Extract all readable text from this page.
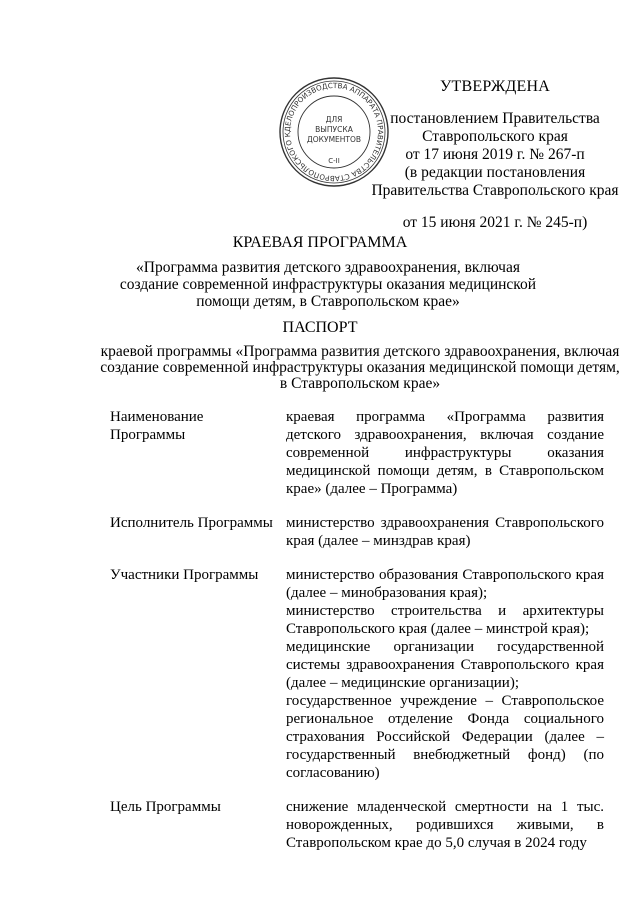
ДЕЛОПРОИЗВОДСТВА АППАРАТА ПРАВИТЕЛЬСТВА СТАВРОПОЛЬСКОГО КРАЯ УПРАВЛЕНИЕ
ДЛЯ
ВЫПУСКА
ДОКУМЕНТОВ
С-II
УТВЕРЖДЕНА
постановлением Правительства
Ставропольского края
от 17 июня 2019 г. № 267-п
(в редакции постановления
Правительства Ставропольского края
от 15 июня 2021 г. № 245-п)
КРАЕВАЯ ПРОГРАММА
«Программа развития детского здравоохранения, включая создание современной инфраструктуры оказания медицинской помощи детям, в Ставропольском крае»
ПАСПОРТ
краевой программы «Программа развития детского здравоохранения, включая создание современной инфраструктуры оказания медицинской помощи детям, в Ставропольском крае»
Наименование Программы

краевая программа «Программа развития детского здравоохранения, включая создание современной инфраструктуры оказания медицинской помощи детям, в Ставропольском крае» (далее – Программа)

Исполнитель Программы министерство здравоохранения Ставропольского края (далее – минздрав края)

Участники Программы	министерство образования Ставропольского края (далее – минобразования края);

министерство строительства и архитектуры Ставропольского края (далее – минстрой края);

медицинские организации государственной системы здравоохранения Ставропольского края (далее – медицинские организации);

государственное учреждение – Ставропольское региональное отделение Фонда социального страхования Российской Федерации (далее – государственный внебюджетный фонд) (по согласованию)

Цель Программы	снижение младенческой смертности на 1 тыс. новорожденных, родившихся живыми, в Ставропольском крае до 5,0 случая в 2024 году
